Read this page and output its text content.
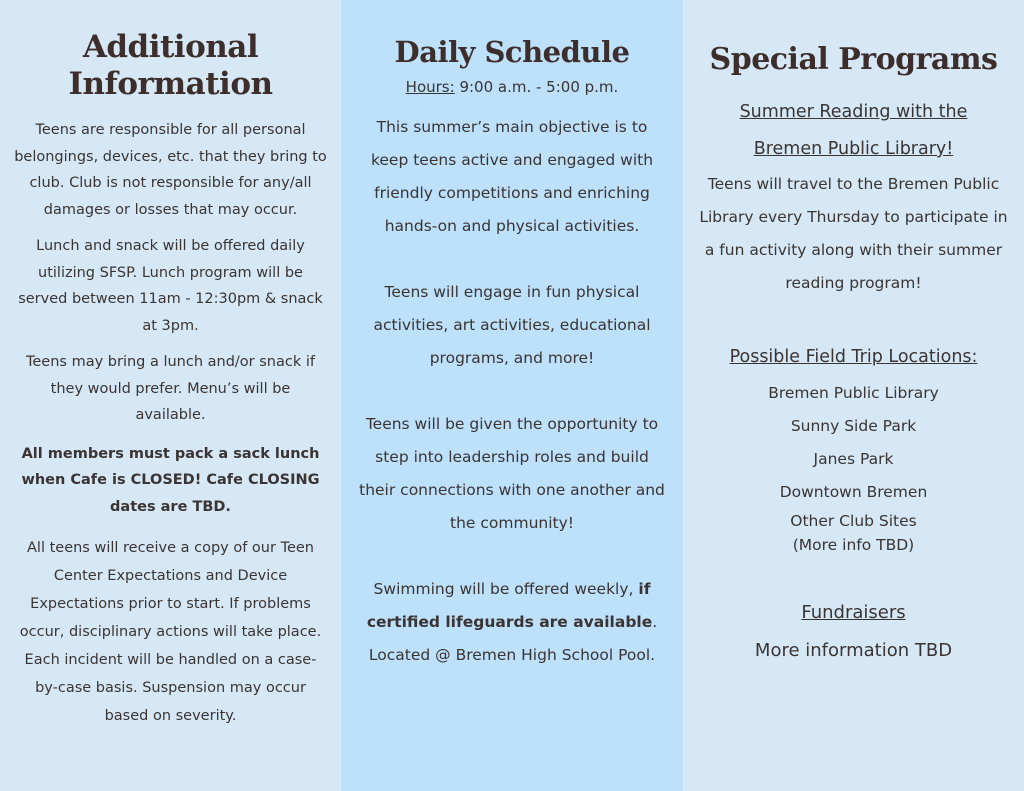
Additional
Information

Teens are responsible for all personal belongings, devices, etc. that they bring to club. Club is not responsible for any/all damages or losses that may occur.

Lunch and snack will be offered daily utilizing SFSP. Lunch program will be served between 11am - 12:30pm & snack at 3pm.

Teens may bring a lunch and/or snack if they would prefer. Menu’s will be available.

All members must pack a sack lunch when Cafe is CLOSED! Cafe CLOSING dates are TBD.

All teens will receive a copy of our Teen Center Expectations and Device Expectations prior to start. If problems occur, disciplinary actions will take place. Each incident will be handled on a case-by-case basis. Suspension may occur based on severity.

Daily Schedule
Hours: 9:00 a.m. - 5:00 p.m.

This summer’s main objective is to keep teens active and engaged with friendly competitions and enriching hands-on and physical activities.

Teens will engage in fun physical activities, art activities, educational programs, and more!

Teens will be given the opportunity to step into leadership roles and build their connections with one another and the community!

Swimming will be offered weekly, if certified lifeguards are available. Located @ Bremen High School Pool.

Special Programs

Summer Reading with the

Bremen Public Library!

Teens will travel to the Bremen Public Library every Thursday to participate in a fun activity along with their summer reading program!

Possible Field Trip Locations:

Bremen Public Library

Sunny Side Park

Janes Park

Downtown Bremen

Other Club Sites

(More info TBD)

Fundraisers

More information TBD
